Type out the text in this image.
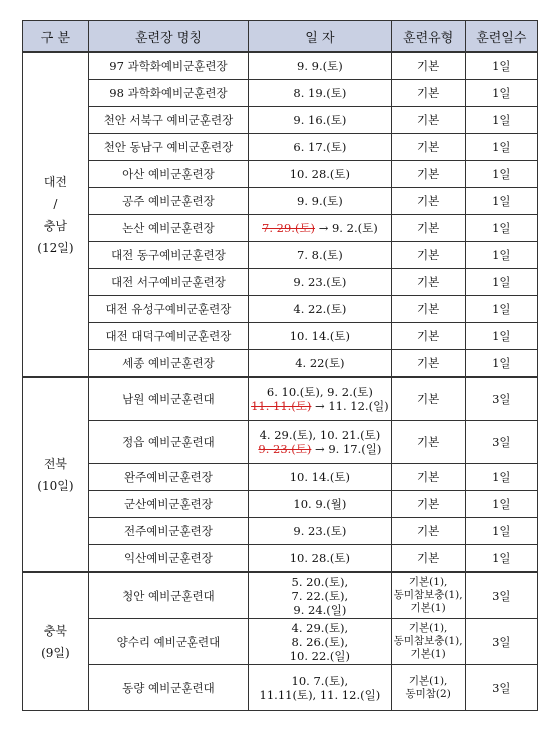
구 분	훈련장 명칭	일 자	훈련유형	훈련일수

대전
/
충남
(12일)	97 과학화예비군훈련장	9. 9.(토)	기본	1일
	98 과학화예비군훈련장	8. 19.(토)	기본	1일
	천안 서북구 예비군훈련장	9. 16.(토)	기본	1일
	천안 동남구 예비군훈련장	6. 17.(토)	기본	1일
	아산 예비군훈련장	10. 28.(토)	기본	1일
	공주 예비군훈련장	9. 9.(토)	기본	1일
	논산 예비군훈련장	7. 29.(토) → 9. 2.(토)	기본	1일
	대전 동구예비군훈련장	7. 8.(토)	기본	1일
	대전 서구예비군훈련장	9. 23.(토)	기본	1일
	대전 유성구예비군훈련장	4. 22.(토)	기본	1일
	대전 대덕구예비군훈련장	10. 14.(토)	기본	1일
	세종 예비군훈련장	4. 22(토)	기본	1일

전북
(10일)	남원 예비군훈련대	6. 10.(토), 9. 2.(토)
11. 11.(토) → 11. 12.(일)	기본	3일
	정읍 예비군훈련대	4. 29.(토), 10. 21.(토)
9. 23.(토) → 9. 17.(일)	기본	3일
	완주예비군훈련장	10. 14.(토)	기본	1일
	군산예비군훈련장	10. 9.(월)	기본	1일
	전주예비군훈련장	9. 23.(토)	기본	1일
	익산예비군훈련장	10. 28.(토)	기본	1일

충북
(9일)	청안 예비군훈련대	5. 20.(토),
7. 22.(토),
9. 24.(일)	기본(1),
동미참보충(1),
기본(1)	3일
	양수리 예비군훈련대	4. 29.(토),
8. 26.(토),
10. 22.(일)	기본(1),
동미참보충(1),
기본(1)	3일
	동량 예비군훈련대	10. 7.(토),
11.11(토), 11. 12.(일)	기본(1),
동미참(2)	3일
